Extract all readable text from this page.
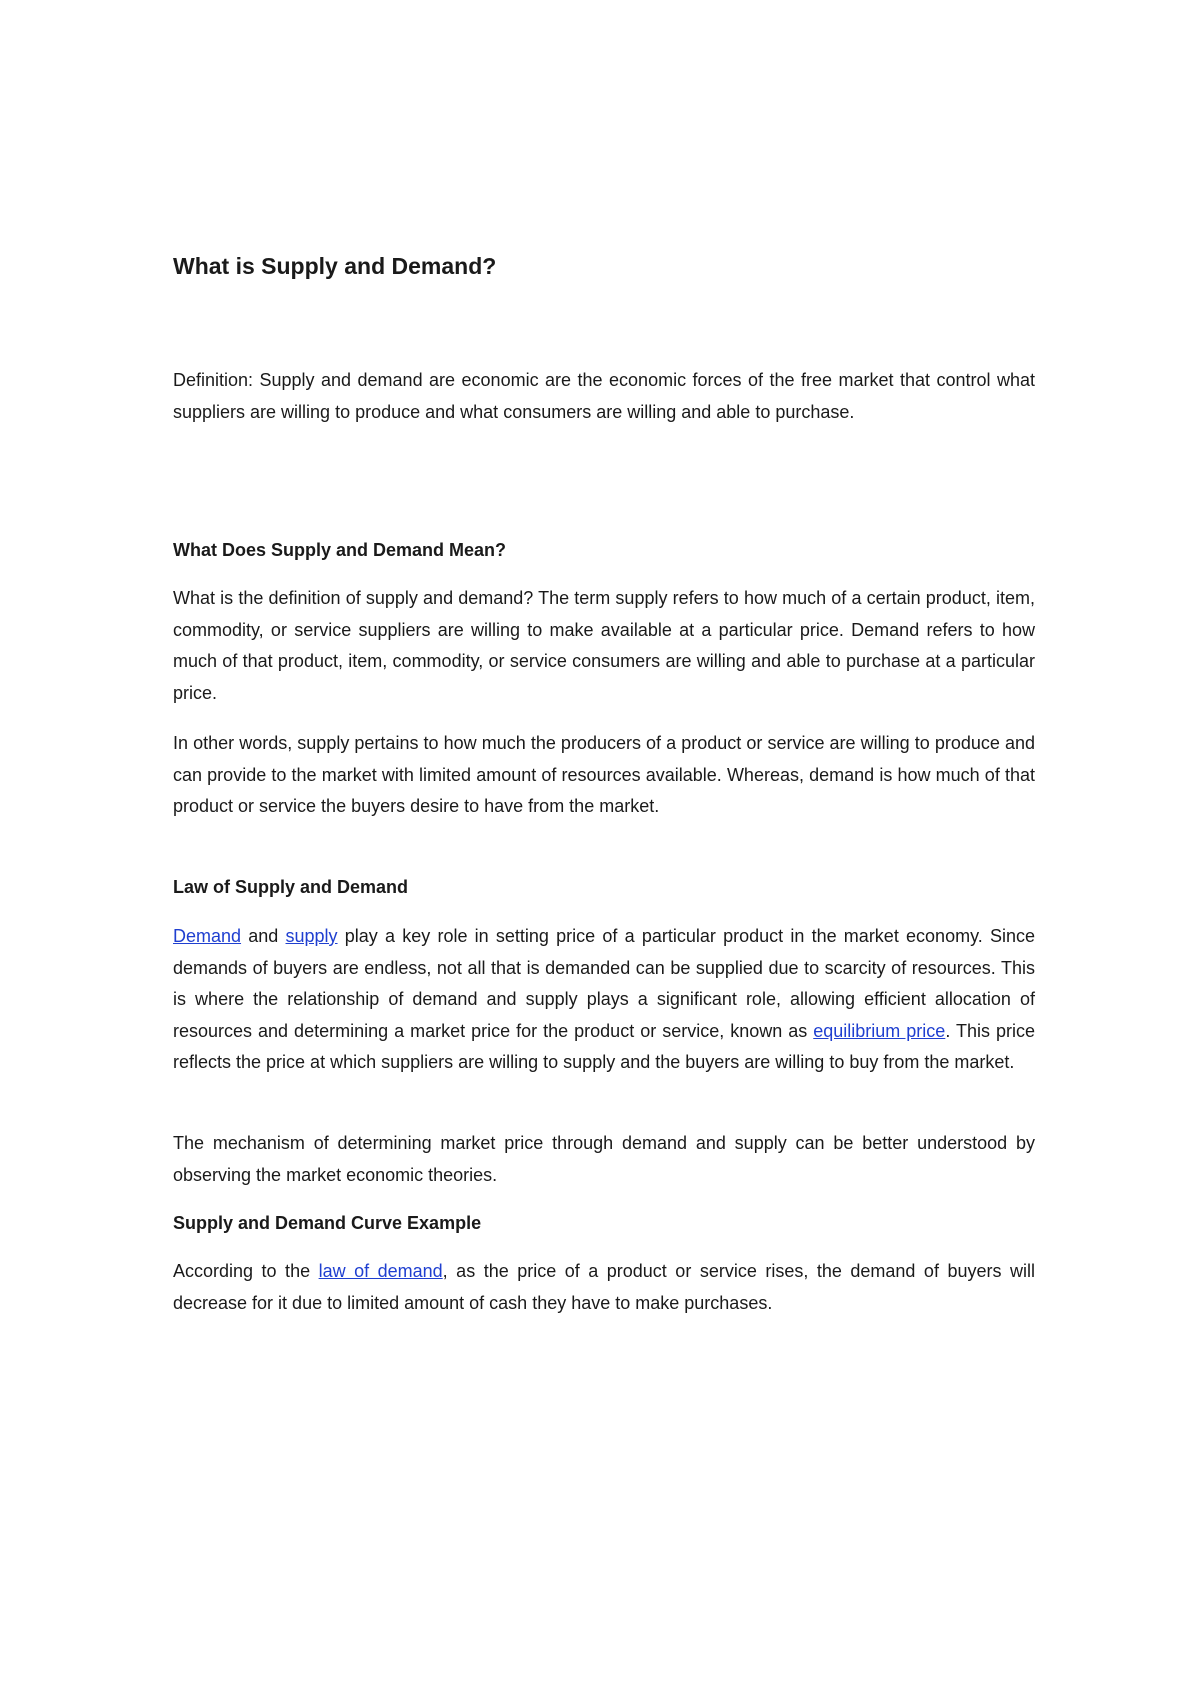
What is Supply and Demand?

Definition: Supply and demand are economic are the economic forces of the free market that control what suppliers are willing to produce and what consumers are willing and able to purchase.

What Does Supply and Demand Mean?

What is the definition of supply and demand? The term supply refers to how much of a certain product, item, commodity, or service suppliers are willing to make available at a particular price. Demand refers to how much of that product, item, commodity, or service consumers are willing and able to purchase at a particular price.

In other words, supply pertains to how much the producers of a product or service are willing to produce and can provide to the market with limited amount of resources available. Whereas, demand is how much of that product or service the buyers desire to have from the market.

Law of Supply and Demand

Demand and supply play a key role in setting price of a particular product in the market economy. Since demands of buyers are endless, not all that is demanded can be supplied due to scarcity of resources. This is where the relationship of demand and supply plays a significant role, allowing efficient allocation of resources and determining a market price for the product or service, known as equilibrium price. This price reflects the price at which suppliers are willing to supply and the buyers are willing to buy from the market.

The mechanism of determining market price through demand and supply can be better understood by observing the market economic theories.

Supply and Demand Curve Example

According to the law of demand, as the price of a product or service rises, the demand of buyers will decrease for it due to limited amount of cash they have to make purchases.
